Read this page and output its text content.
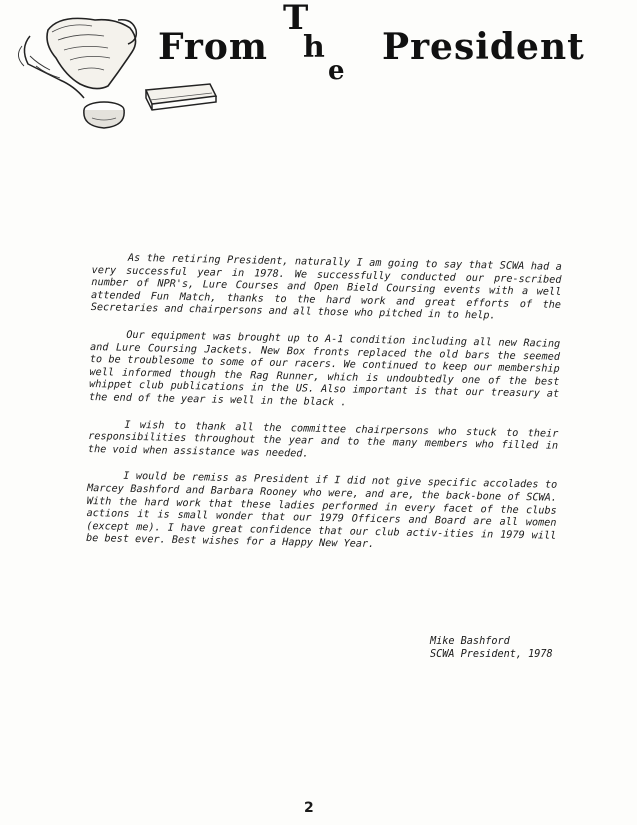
From
T
h
e
President

As the retiring President, naturally I am going to say that SCWA had a very successful year in 1978. We successfully conducted our pre-scribed number of NPR's, Lure Courses and Open Bield Coursing events with a well attended Fun Match, thanks to the hard work and great efforts of the Secretaries and chairpersons and all those who pitched in to help.

Our equipment was brought up to A-1 condition including all new Racing and Lure Coursing Jackets. New Box fronts replaced the old bars the seemed to be troublesome to some of our racers. We continued to keep our membership well informed though the Rag Runner, which is undoubtedly one of the best whippet club publications in the US. Also important is that our treasury at the end of the year is well in the black .

I wish to thank all the committee chairpersons who stuck to their responsibilities throughout the year and to the many members who filled in the void when assistance was needed.

I would be remiss as President if I did not give specific accolades to Marcey Bashford and Barbara Rooney who were, and are, the back-bone of SCWA. With the hard work that these ladies performed in every facet of the clubs actions it is small wonder that our 1979 Officers and Board are all women (except me). I have great confidence that our club activ-ities in 1979 will be best ever. Best wishes for a Happy New Year.

Mike Bashford
SCWA President, 1978
2
